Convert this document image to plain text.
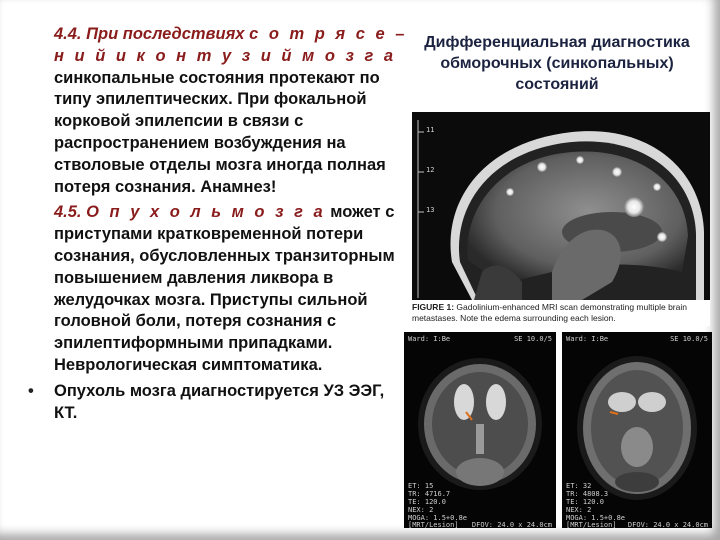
4.4. При последствиях с о т р я с е –
н и й и к о н т у з и й м о з г а синкопальные состояния протекают по типу эпилептических. При фокальной корковой эпилепсии в связи с распространением возбуждения на стволовые отделы мозга иногда полная потеря сознания. Анамнез!

4.5. О п у х о л ь м о з г а может с приступами кратковременной потери сознания, обусловленных транзиторным повышением давления ликвора в желудочках мозга. Приступы сильной головной боли, потеря сознания с эпилептиформными припадками. Неврологическая симптоматика.

•	Опухоль мозга диагностируется УЗ ЭЭГ, КТ.

Дифференциальная диагностика обморочных (синкопальных) состояний
11
12
13
FIGURE 1: Gadolinium-enhanced MRI scan demonstrating multiple brain metastases. Note the edema surrounding each lesion.
Ward: I:Be	SE 10.0/5
ET: 15
TR: 4716.7
TE: 120.0
NEX: 2
MOGA: 1.5+0.8e
[MRT/Lesion] DFOV: 24.0 x 24.0cm
Ward: I:Be	SE 10.0/5
ET: 32
TR: 4808.3
TE: 120.0
NEX: 2
MOGA: 1.5+0.8e
[MRT/Lesion] DFOV: 24.0 x 24.0cm
